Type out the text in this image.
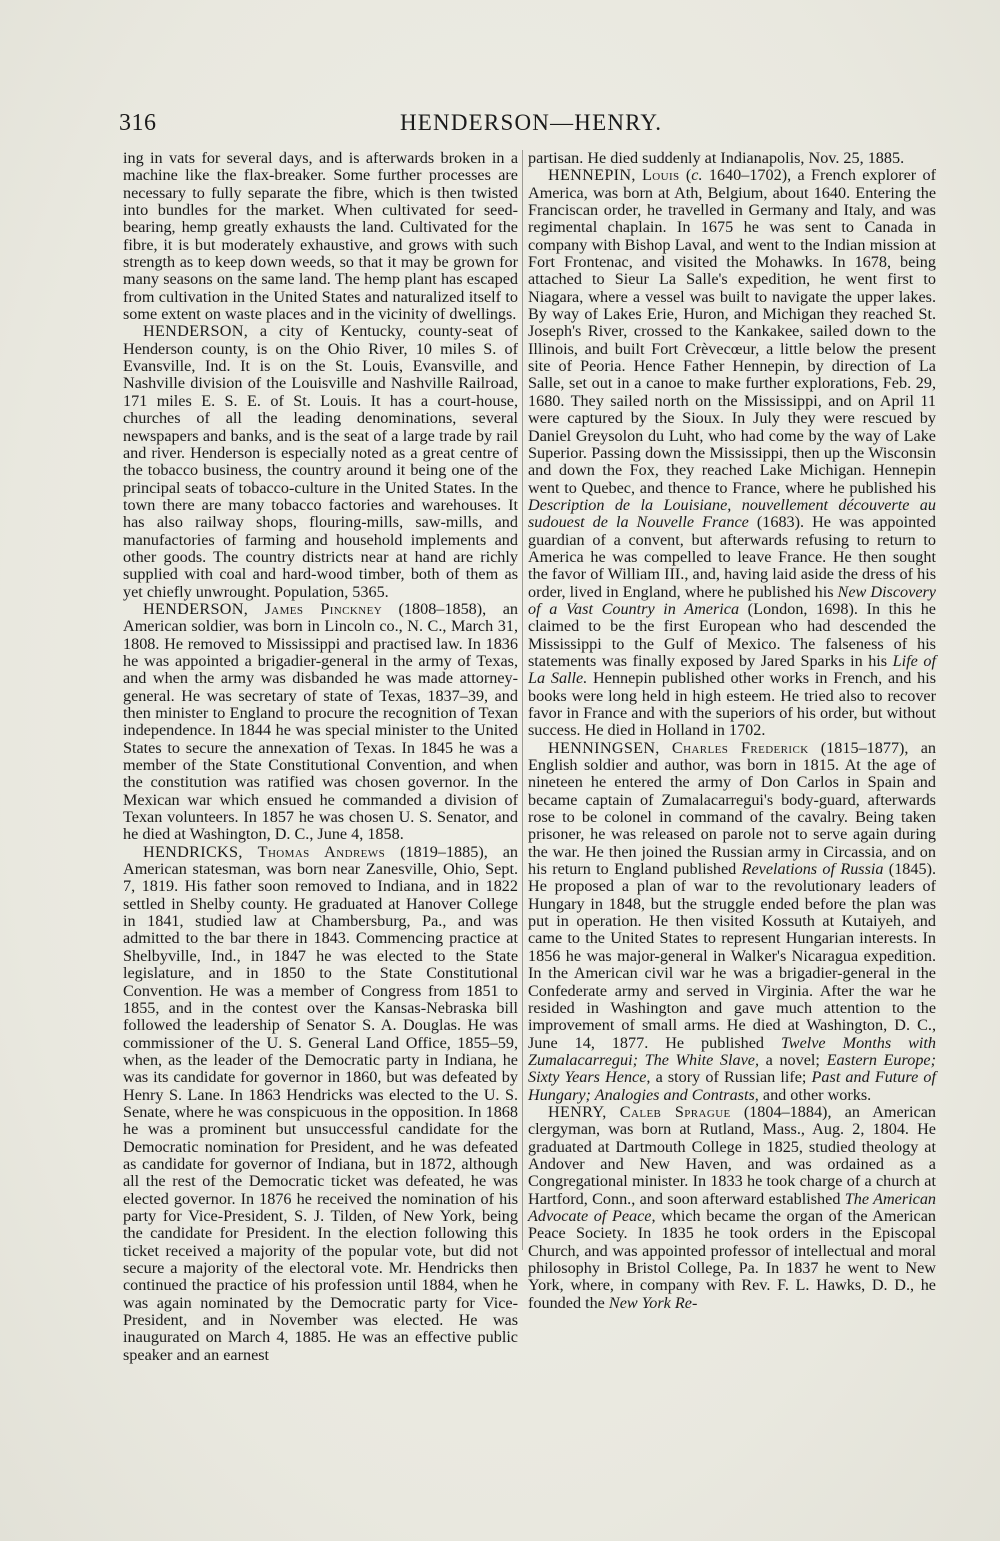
316	HENDERSON—HENRY.

ing in vats for several days, and is afterwards broken in a machine like the flax-breaker. Some further processes are necessary to fully separate the fibre, which is then twisted into bundles for the market. When cultivated for seed-bearing, hemp greatly exhausts the land. Cultivated for the fibre, it is but moderately exhaustive, and grows with such strength as to keep down weeds, so that it may be grown for many seasons on the same land. The hemp plant has escaped from cultivation in the United States and naturalized itself to some extent on waste places and in the vicinity of dwellings.

HENDERSON, a city of Kentucky, county-seat of Henderson county, is on the Ohio River, 10 miles S. of Evansville, Ind. It is on the St. Louis, Evansville, and Nashville division of the Louisville and Nashville Railroad, 171 miles E. S. E. of St. Louis. It has a court-house, churches of all the leading denominations, several newspapers and banks, and is the seat of a large trade by rail and river. Henderson is especially noted as a great centre of the tobacco business, the country around it being one of the principal seats of tobacco-culture in the United States. In the town there are many tobacco factories and warehouses. It has also railway shops, flouring-mills, saw-mills, and manufactories of farming and household implements and other goods. The country districts near at hand are richly supplied with coal and hard-wood timber, both of them as yet chiefly unwrought. Population, 5365.

HENDERSON, James Pinckney (1808–1858), an American soldier, was born in Lincoln co., N. C., March 31, 1808. He removed to Mississippi and practised law. In 1836 he was appointed a brigadier-general in the army of Texas, and when the army was disbanded he was made attorney-general. He was secretary of state of Texas, 1837–39, and then minister to England to procure the recognition of Texan independence. In 1844 he was special minister to the United States to secure the annexation of Texas. In 1845 he was a member of the State Constitutional Convention, and when the constitution was ratified was chosen governor. In the Mexican war which ensued he commanded a division of Texan volunteers. In 1857 he was chosen U. S. Senator, and he died at Washington, D. C., June 4, 1858.

HENDRICKS, Thomas Andrews (1819–1885), an American statesman, was born near Zanesville, Ohio, Sept. 7, 1819. His father soon removed to Indiana, and in 1822 settled in Shelby county. He graduated at Hanover College in 1841, studied law at Chambersburg, Pa., and was admitted to the bar there in 1843. Commencing practice at Shelbyville, Ind., in 1847 he was elected to the State legislature, and in 1850 to the State Constitutional Convention. He was a member of Congress from 1851 to 1855, and in the contest over the Kansas-Nebraska bill followed the leadership of Senator S. A. Douglas. He was commissioner of the U. S. General Land Office, 1855–59, when, as the leader of the Democratic party in Indiana, he was its candidate for governor in 1860, but was defeated by Henry S. Lane. In 1863 Hendricks was elected to the U. S. Senate, where he was conspicuous in the opposition. In 1868 he was a prominent but unsuccessful candidate for the Democratic nomination for President, and he was defeated as candidate for governor of Indiana, but in 1872, although all the rest of the Democratic ticket was defeated, he was elected governor. In 1876 he received the nomination of his party for Vice-President, S. J. Tilden, of New York, being the candidate for President. In the election following this ticket received a majority of the popular vote, but did not secure a majority of the electoral vote. Mr. Hendricks then continued the practice of his profession until 1884, when he was again nominated by the Democratic party for Vice-President, and in November was elected. He was inaugurated on March 4, 1885. He was an effective public speaker and an earnest

partisan. He died suddenly at Indianapolis, Nov. 25, 1885.

HENNEPIN, Louis (c. 1640–1702), a French explorer of America, was born at Ath, Belgium, about 1640. Entering the Franciscan order, he travelled in Germany and Italy, and was regimental chaplain. In 1675 he was sent to Canada in company with Bishop Laval, and went to the Indian mission at Fort Frontenac, and visited the Mohawks. In 1678, being attached to Sieur La Salle's expedition, he went first to Niagara, where a vessel was built to navigate the upper lakes. By way of Lakes Erie, Huron, and Michigan they reached St. Joseph's River, crossed to the Kankakee, sailed down to the Illinois, and built Fort Crèvecœur, a little below the present site of Peoria. Hence Father Hennepin, by direction of La Salle, set out in a canoe to make further explorations, Feb. 29, 1680. They sailed north on the Mississippi, and on April 11 were captured by the Sioux. In July they were rescued by Daniel Greysolon du Luht, who had come by the way of Lake Superior. Passing down the Mississippi, then up the Wisconsin and down the Fox, they reached Lake Michigan. Hennepin went to Quebec, and thence to France, where he published his Description de la Louisiane, nouvellement découverte au sudouest de la Nouvelle France (1683). He was appointed guardian of a convent, but afterwards refusing to return to America he was compelled to leave France. He then sought the favor of William III., and, having laid aside the dress of his order, lived in England, where he published his New Discovery of a Vast Country in America (London, 1698). In this he claimed to be the first European who had descended the Mississippi to the Gulf of Mexico. The falseness of his statements was finally exposed by Jared Sparks in his Life of La Salle. Hennepin published other works in French, and his books were long held in high esteem. He tried also to recover favor in France and with the superiors of his order, but without success. He died in Holland in 1702.

HENNINGSEN, Charles Frederick (1815–1877), an English soldier and author, was born in 1815. At the age of nineteen he entered the army of Don Carlos in Spain and became captain of Zumalacarregui's body-guard, afterwards rose to be colonel in command of the cavalry. Being taken prisoner, he was released on parole not to serve again during the war. He then joined the Russian army in Circassia, and on his return to England published Revelations of Russia (1845). He proposed a plan of war to the revolutionary leaders of Hungary in 1848, but the struggle ended before the plan was put in operation. He then visited Kossuth at Kutaiyeh, and came to the United States to represent Hungarian interests. In 1856 he was major-general in Walker's Nicaragua expedition. In the American civil war he was a brigadier-general in the Confederate army and served in Virginia. After the war he resided in Washington and gave much attention to the improvement of small arms. He died at Washington, D. C., June 14, 1877. He published Twelve Months with Zumalacarregui; The White Slave, a novel; Eastern Europe; Sixty Years Hence, a story of Russian life; Past and Future of Hungary; Analogies and Contrasts, and other works.

HENRY, Caleb Sprague (1804–1884), an American clergyman, was born at Rutland, Mass., Aug. 2, 1804. He graduated at Dartmouth College in 1825, studied theology at Andover and New Haven, and was ordained as a Congregational minister. In 1833 he took charge of a church at Hartford, Conn., and soon afterward established The American Advocate of Peace, which became the organ of the American Peace Society. In 1835 he took orders in the Episcopal Church, and was appointed professor of intellectual and moral philosophy in Bristol College, Pa. In 1837 he went to New York, where, in company with Rev. F. L. Hawks, D. D., he founded the New York Re-
